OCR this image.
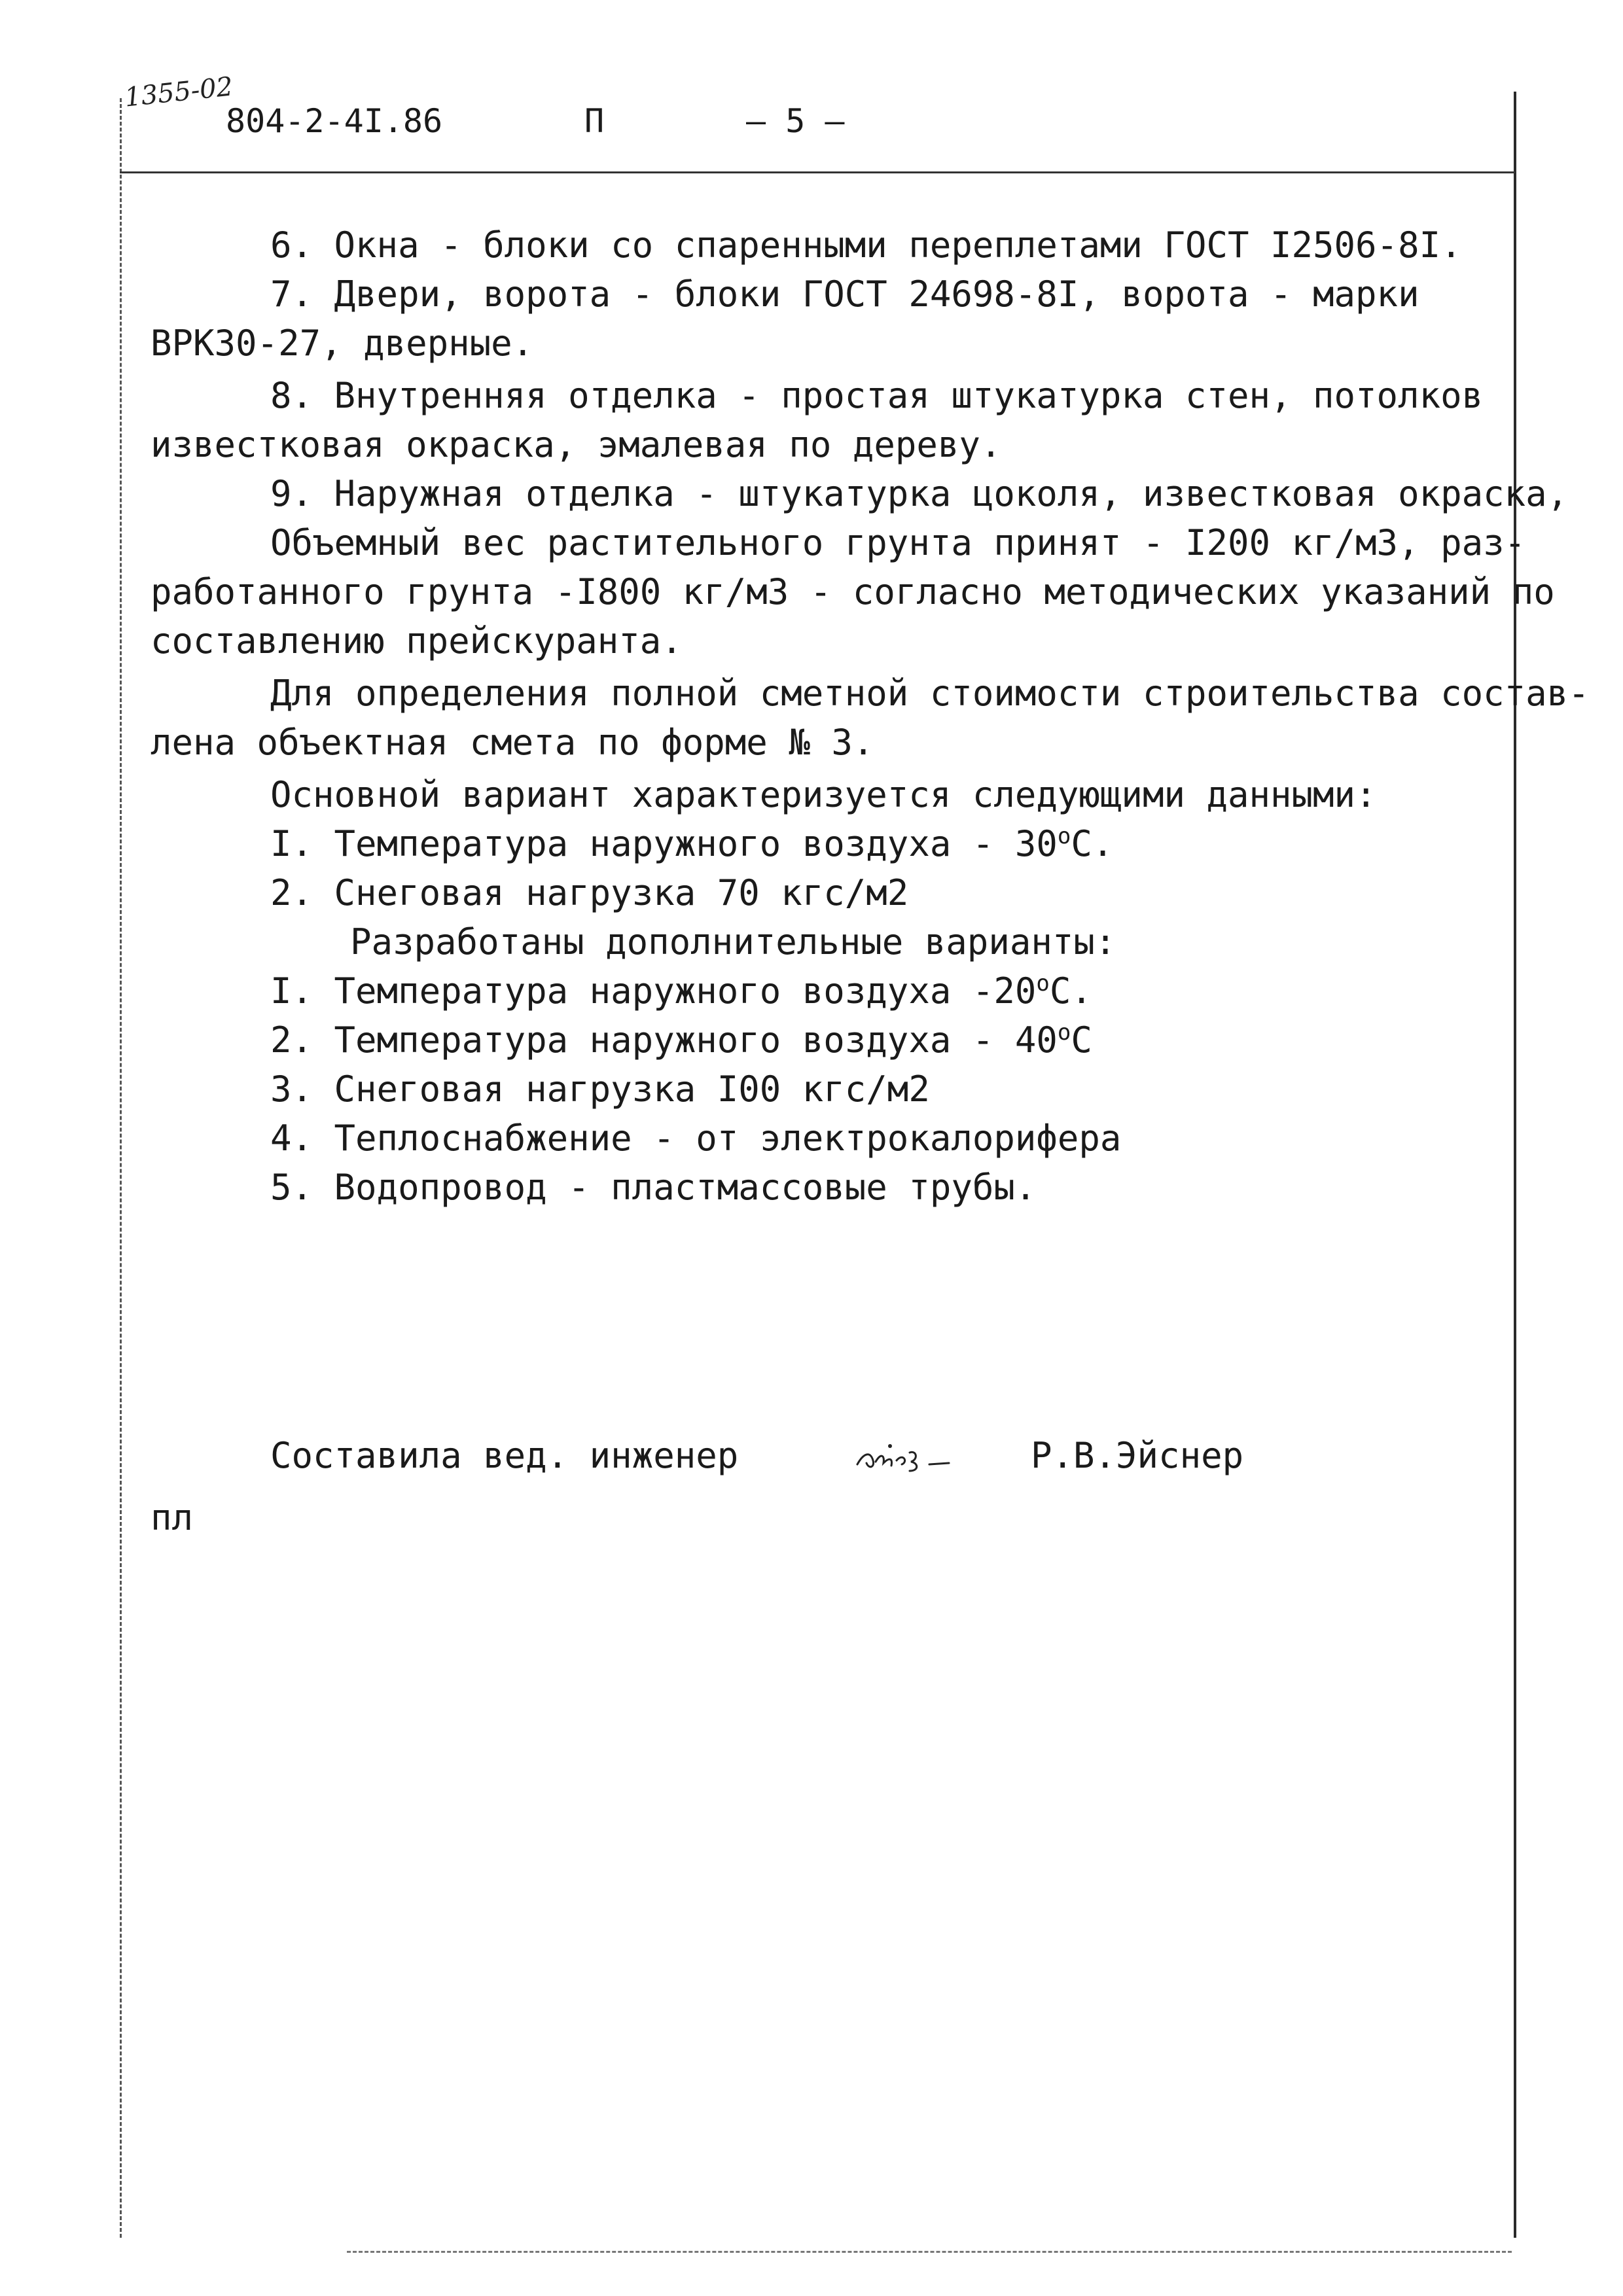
1355-02
804-2-4I.86	П	— 5 —
6. Окна - блоки со спаренными переплетами ГОСТ I2506-8I.
7. Двери, ворота - блоки ГОСТ 24698-8I, ворота - марки
ВРК30-27, дверные.
8. Внутренняя отделка - простая штукатурка стен, потолков
известковая окраска, эмалевая по дереву.
9. Наружная отделка - штукатурка цоколя, известковая окраска,
Объемный вес растительного грунта принят - I200 кг/м3, раз-
работанного грунта -I800 кг/м3 - согласно методических указаний по
составлению прейскуранта.
Для определения полной сметной стоимости строительства состав-
лена объектная смета по форме № 3.
Основной вариант характеризуется следующими данными:
I. Температура наружного воздуха - $30^оС$.
2. Снеговая нагрузка 70 кгс/м2
Разработаны дополнительные варианты:
I. Температура наружного воздуха $-20^оС$.
2. Температура наружного воздуха - $40^оС$
3. Снеговая нагрузка I00 кгс/м2
4. Теплоснабжение - от электрокалорифера
5. Водопровод - пластмассовые трубы.
Составила вед. инженер	Р.В.Эйснер
пл
